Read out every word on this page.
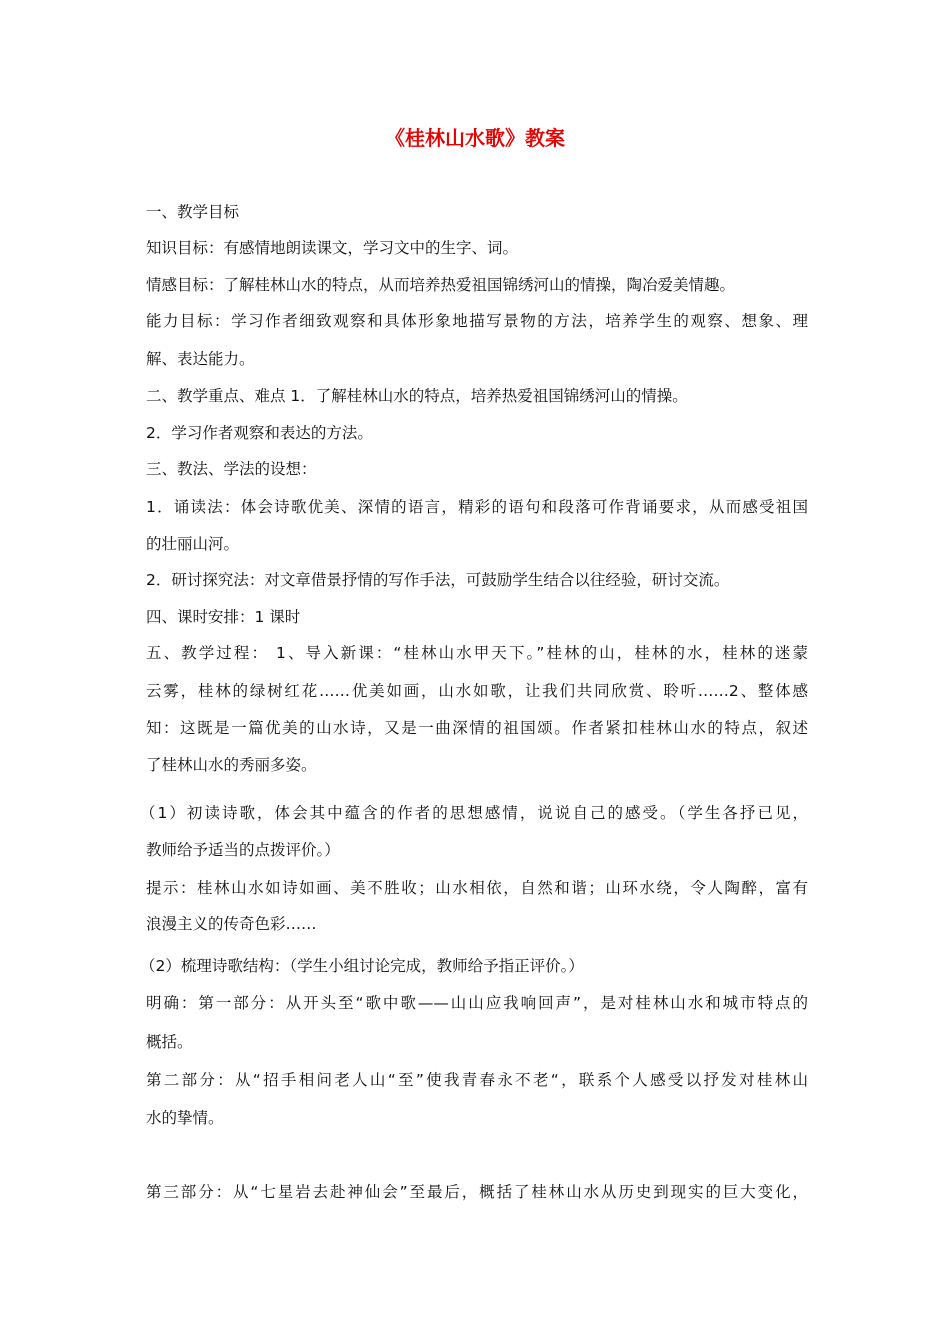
《桂林山水歌》教案
一、教学目标
知识目标：有感情地朗读课文，学习文中的生字、词。
情感目标：了解桂林山水的特点，从而培养热爱祖国锦绣河山的情操，陶冶爱美情趣。
能力目标：学习作者细致观察和具体形象地描写景物的方法，培养学生的观察、想象、理
解、表达能力。
二、教学重点、难点 1．了解桂林山水的特点，培养热爱祖国锦绣河山的情操。
2．学习作者观察和表达的方法。
三、教法、学法的设想：
1．诵读法：体会诗歌优美、深情的语言，精彩的语句和段落可作背诵要求，从而感受祖国
的壮丽山河。
2．研讨探究法：对文章借景抒情的写作手法，可鼓励学生结合以往经验，研讨交流。
四、课时安排：1 课时
五、教学过程： 1、导入新课：“桂林山水甲天下。”桂林的山，桂林的水，桂林的迷蒙
云雾，桂林的绿树红花……优美如画，山水如歌，让我们共同欣赏、聆听……2、整体感
知：这既是一篇优美的山水诗，又是一曲深情的祖国颂。作者紧扣桂林山水的特点，叙述
了桂林山水的秀丽多姿。
（1）初读诗歌，体会其中蕴含的作者的思想感情，说说自己的感受。（学生各抒已见，
教师给予适当的点拨评价。）
提示：桂林山水如诗如画、美不胜收；山水相依，自然和谐；山环水绕，令人陶醉，富有
浪漫主义的传奇色彩……
（2）梳理诗歌结构：（学生小组讨论完成，教师给予指正评价。）
明确：第一部分：从开头至“歌中歌——山山应我响回声”，是对桂林山水和城市特点的
概括。
第二部分：从“招手相问老人山“至”使我青春永不老“，联系个人感受以抒发对桂林山
水的挚情。
第三部分：从“七星岩去赴神仙会”至最后，概括了桂林山水从历史到现实的巨大变化，
